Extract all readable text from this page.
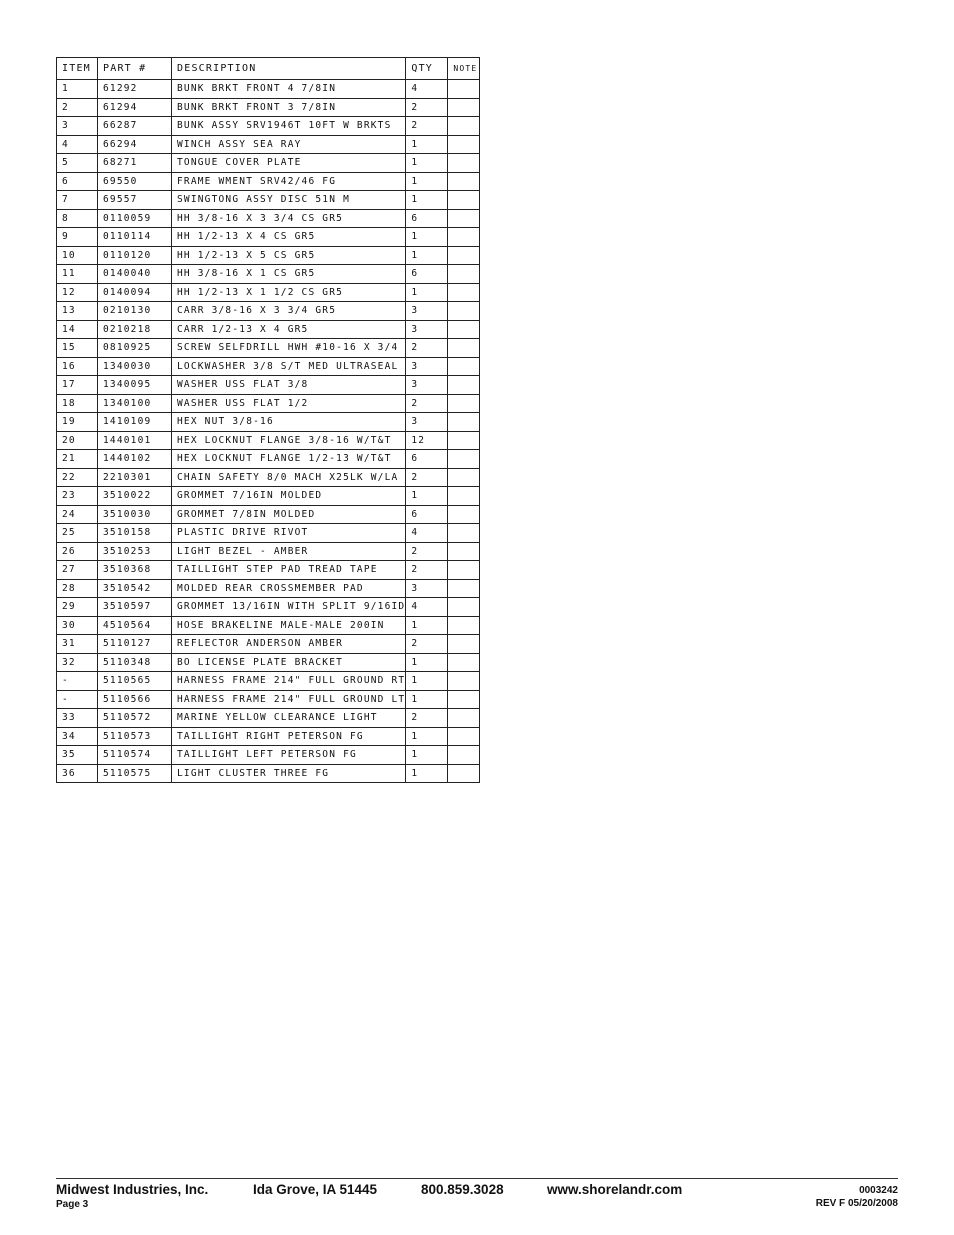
ITEM	PART #	DESCRIPTION	QTY	NOTE
1	61292	BUNK BRKT FRONT 4 7/8IN	4	
2	61294	BUNK BRKT FRONT 3 7/8IN	2	
3	66287	BUNK ASSY SRV1946T 10FT W BRKTS	2	
4	66294	WINCH ASSY SEA RAY	1	
5	68271	TONGUE COVER PLATE	1	
6	69550	FRAME WMENT SRV42/46 FG	1	
7	69557	SWINGTONG ASSY DISC 51N M	1	
8	0110059	HH 3/8-16 X 3 3/4 CS GR5	6	
9	0110114	HH 1/2-13 X 4 CS GR5	1	
10	0110120	HH 1/2-13 X 5 CS GR5	1	
11	0140040	HH 3/8-16 X 1 CS GR5	6	
12	0140094	HH 1/2-13 X 1 1/2 CS GR5	1	
13	0210130	CARR 3/8-16 X 3 3/4 GR5	3	
14	0210218	CARR 1/2-13 X 4 GR5	3	
15	0810925	SCREW SELFDRILL HWH #10-16 X 3/4	2	
16	1340030	LOCKWASHER 3/8 S/T MED ULTRASEAL	3	
17	1340095	WASHER USS FLAT 3/8	3	
18	1340100	WASHER USS FLAT 1/2	2	
19	1410109	HEX NUT 3/8-16	3	
20	1440101	HEX LOCKNUT FLANGE 3/8-16 W/T&T	12	
21	1440102	HEX LOCKNUT FLANGE 1/2-13 W/T&T	6	
22	2210301	CHAIN SAFETY 8/0 MACH X25LK W/LA	2	
23	3510022	GROMMET 7/16IN MOLDED	1	
24	3510030	GROMMET 7/8IN MOLDED	6	
25	3510158	PLASTIC DRIVE RIVOT	4	
26	3510253	LIGHT BEZEL - AMBER	2	
27	3510368	TAILLIGHT STEP PAD TREAD TAPE	2	
28	3510542	MOLDED REAR CROSSMEMBER PAD	3	
29	3510597	GROMMET 13/16IN WITH SPLIT 9/16ID	4	
30	4510564	HOSE BRAKELINE MALE-MALE 200IN	1	
31	5110127	REFLECTOR ANDERSON AMBER	2	
32	5110348	BO LICENSE PLATE BRACKET	1	
-	5110565	HARNESS FRAME 214" FULL GROUND RT	1	
-	5110566	HARNESS FRAME 214" FULL GROUND LT	1	
33	5110572	MARINE YELLOW CLEARANCE LIGHT	2	
34	5110573	TAILLIGHT RIGHT PETERSON FG	1	
35	5110574	TAILLIGHT LEFT PETERSON FG	1	
36	5110575	LIGHT CLUSTER THREE FG	1	
Midwest Industries, Inc.	Ida Grove, IA 51445	800.859.3028	www.shorelandr.com
Page 3
0003242
REV F 05/20/2008
